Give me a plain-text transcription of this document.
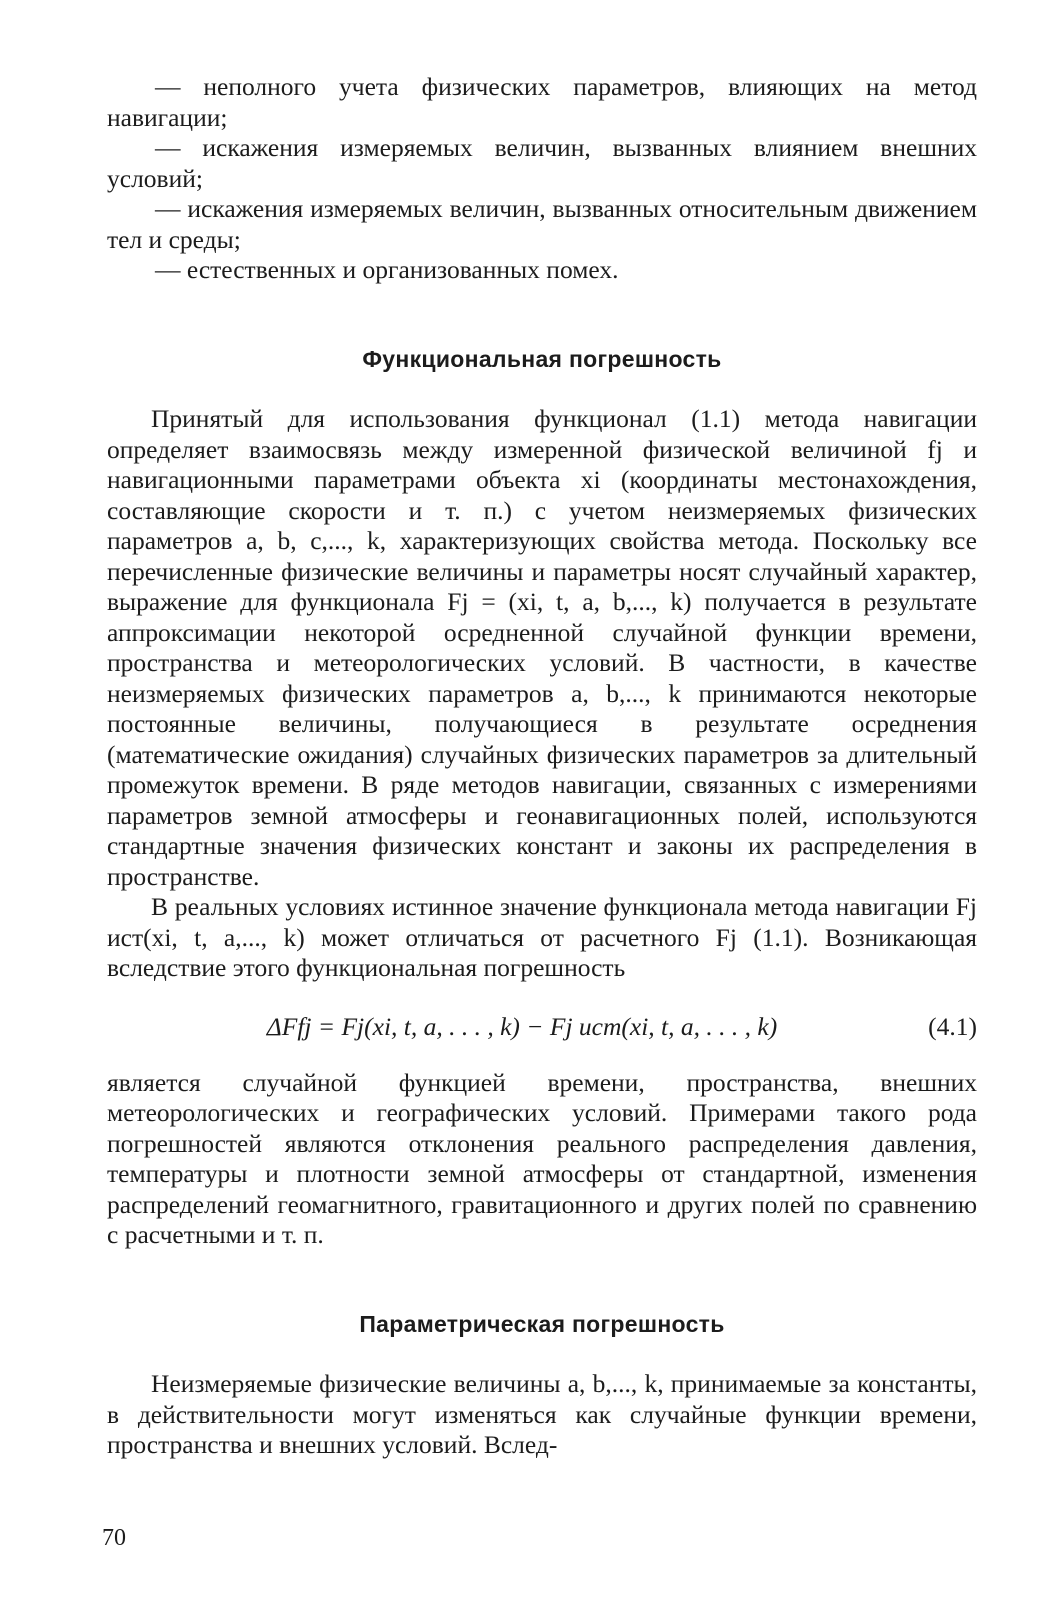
— неполного учета физических параметров, влияющих на метод навигации;

— искажения измеряемых величин, вызванных влиянием внешних условий;

— искажения измеряемых величин, вызванных относительным движением тел и среды;

— естественных и организованных помех.

Функциональная погрешность

Принятый для использования функционал (1.1) метода навигации определяет взаимосвязь между измеренной физической величиной fj и навигационными параметрами объекта xi (координаты местонахождения, составляющие скорости и т. п.) с учетом неизмеряемых физических параметров a, b, c,..., k, характеризующих свойства метода. Поскольку все перечисленные физические величины и параметры носят случайный характер, выражение для функционала Fj = (xi, t, a, b,..., k) получается в результате аппроксимации некоторой осредненной случайной функции времени, пространства и метеорологических условий. В частности, в качестве неизмеряемых физических параметров a, b,..., k принимаются некоторые постоянные величины, получающиеся в результате осреднения (математические ожидания) случайных физических параметров за длительный промежуток времени. В ряде методов навигации, связанных с измерениями параметров земной атмосферы и геонавигационных полей, используются стандартные значения физических констант и законы их распределения в пространстве.

В реальных условиях истинное значение функционала метода навигации Fj ист(xi, t, a,..., k) может отличаться от расчетного Fj (1.1). Возникающая вследствие этого функциональная погрешность

ΔFfj = Fj(xi, t, a, . . . , k) − Fj ист(xi, t, a, . . . , k)	(4.1)

является случайной функцией времени, пространства, внешних метеорологических и географических условий. Примерами такого рода погрешностей являются отклонения реального распределения давления, температуры и плотности земной атмосферы от стандартной, изменения распределений геомагнитного, гравитационного и других полей по сравнению с расчетными и т. п.

Параметрическая погрешность

Неизмеряемые физические величины a, b,..., k, принимаемые за константы, в действительности могут изменяться как случайные функции времени, пространства и внешних условий. Вслед-

70
